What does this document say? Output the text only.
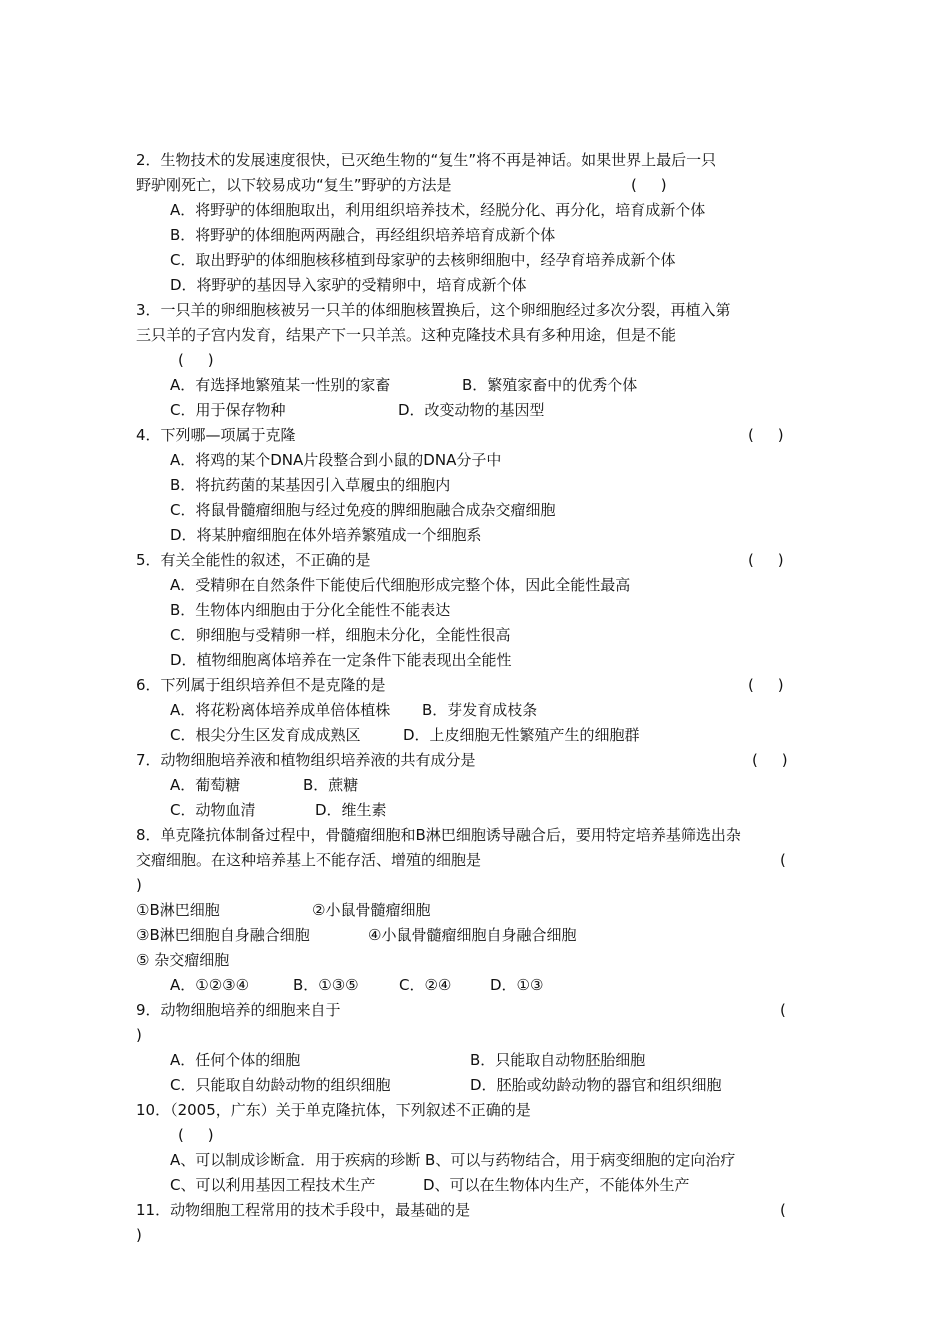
2．生物技术的发展速度很快，已灭绝生物的“复生”将不再是神话。如果世界上最后一只
野驴刚死亡，以下较易成功“复生”野驴的方法是	(     )
A．将野驴的体细胞取出，利用组织培养技术，经脱分化、再分化，培育成新个体
B．将野驴的体细胞两两融合，再经组织培养培育成新个体
C．取出野驴的体细胞核移植到母家驴的去核卵细胞中，经孕育培养成新个体
D．将野驴的基因导入家驴的受精卵中，培育成新个体
3．一只羊的卵细胞核被另一只羊的体细胞核置换后，这个卵细胞经过多次分裂，再植入第
三只羊的子宫内发育，结果产下一只羊羔。这种克隆技术具有多种用途，但是不能
(     )
A．有选择地繁殖某一性别的家畜	B．繁殖家畜中的优秀个体
C．用于保存物种	D．改变动物的基因型
4．下列哪—项属于克隆	(     )
A．将鸡的某个DNA片段整合到小鼠的DNA分子中
B．将抗药菌的某基因引入草履虫的细胞内
C．将鼠骨髓瘤细胞与经过免疫的脾细胞融合成杂交瘤细胞
D．将某肿瘤细胞在体外培养繁殖成一个细胞系
5．有关全能性的叙述，不正确的是	(     )
A．受精卵在自然条件下能使后代细胞形成完整个体，因此全能性最高
B．生物体内细胞由于分化全能性不能表达
C．卵细胞与受精卵一样，细胞未分化，全能性很高
D．植物细胞离体培养在一定条件下能表现出全能性
6．下列属于组织培养但不是克隆的是	(     )
A．将花粉离体培养成单倍体植株 B．芽发育成枝条
C．根尖分生区发育成成熟区	D．上皮细胞无性繁殖产生的细胞群
7．动物细胞培养液和植物组织培养液的共有成分是	(     )
A．葡萄糖	B．蔗糖
C．动物血清	D．维生素
8．单克隆抗体制备过程中，骨髓瘤细胞和B淋巴细胞诱导融合后，要用特定培养基筛选出杂
交瘤细胞。在这种培养基上不能存活、增殖的细胞是	(
)
①B淋巴细胞	②小鼠骨髓瘤细胞
③B淋巴细胞自身融合细胞	④小鼠骨髓瘤细胞自身融合细胞
⑤ 杂交瘤细胞
A．①②③④	B．①③⑤	C．②④	D．①③
9．动物细胞培养的细胞来自于	(
)
A．任何个体的细胞	B．只能取自动物胚胎细胞
C．只能取自幼龄动物的组织细胞	D．胚胎或幼龄动物的器官和组织细胞
10．（2005，广东）关于单克隆抗体，下列叙述不正确的是
(     )
A、可以制成诊断盒．用于疾病的珍断 B、可以与药物结合，用于病变细胞的定向治疗
C、可以利用基因工程技术生产	D、可以在生物体内生产，不能体外生产
11．动物细胞工程常用的技术手段中，最基础的是	(
)
